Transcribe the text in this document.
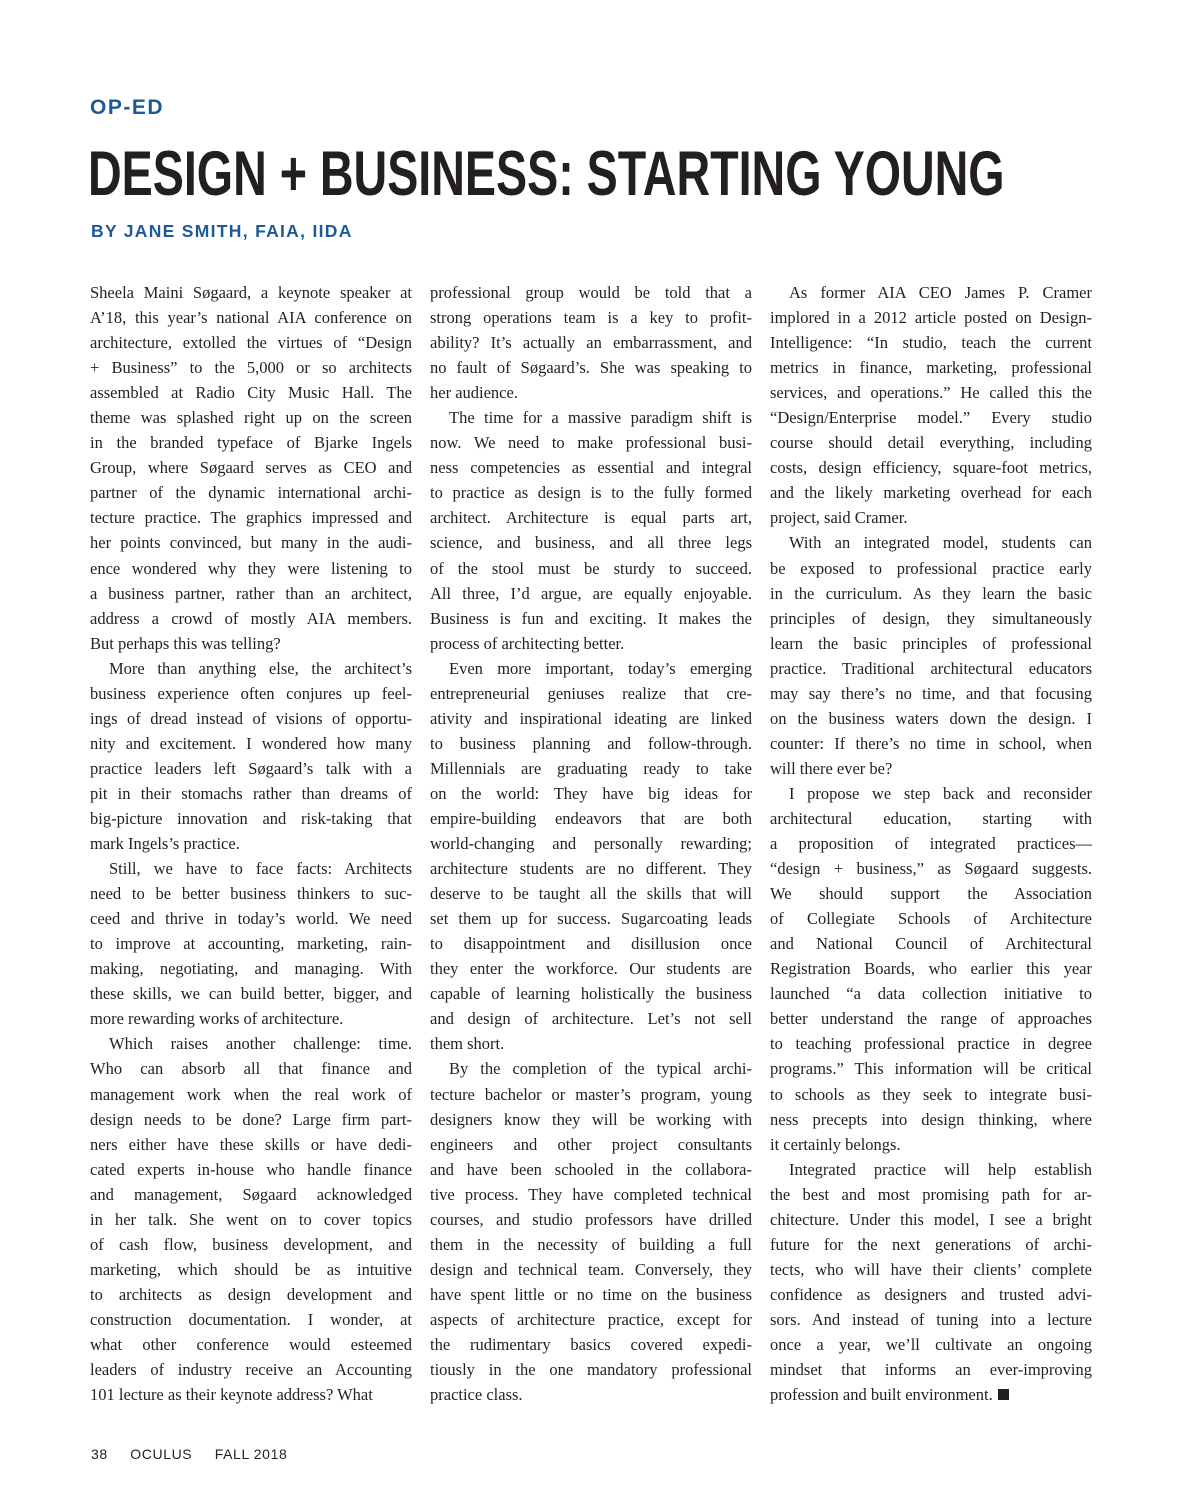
OP-ED
DESIGN + BUSINESS: STARTING YOUNG
BY JANE SMITH, FAIA, IIDA

Sheela Maini Søgaard, a keynote speaker at
A’18, this year’s national AIA conference on
architecture, extolled the virtues of “Design
+ Business” to the 5,000 or so architects
assembled at Radio City Music Hall. The
theme was splashed right up on the screen
in the branded typeface of Bjarke Ingels
Group, where Søgaard serves as CEO and
partner of the dynamic international archi-
tecture practice. The graphics impressed and
her points convinced, but many in the audi-
ence wondered why they were listening to
a business partner, rather than an architect,
address a crowd of mostly AIA members.
But perhaps this was telling?

More than anything else, the architect’s
business experience often conjures up feel-
ings of dread instead of visions of opportu-
nity and excitement. I wondered how many
practice leaders left Søgaard’s talk with a
pit in their stomachs rather than dreams of
big-picture innovation and risk-taking that
mark Ingels’s practice.

Still, we have to face facts: Architects
need to be better business thinkers to suc-
ceed and thrive in today’s world. We need
to improve at accounting, marketing, rain-
making, negotiating, and managing. With
these skills, we can build better, bigger, and
more rewarding works of architecture.

Which raises another challenge: time.
Who can absorb all that finance and
management work when the real work of
design needs to be done? Large firm part-
ners either have these skills or have dedi-
cated experts in-house who handle finance
and management, Søgaard acknowledged
in her talk. She went on to cover topics
of cash flow, business development, and
marketing, which should be as intuitive
to architects as design development and
construction documentation. I wonder, at
what other conference would esteemed
leaders of industry receive an Accounting
101 lecture as their keynote address? What

professional group would be told that a
strong operations team is a key to profit-
ability? It’s actually an embarrassment, and
no fault of Søgaard’s. She was speaking to
her audience.

The time for a massive paradigm shift is
now. We need to make professional busi-
ness competencies as essential and integral
to practice as design is to the fully formed
architect. Architecture is equal parts art,
science, and business, and all three legs
of the stool must be sturdy to succeed.
All three, I’d argue, are equally enjoyable.
Business is fun and exciting. It makes the
process of architecting better.

Even more important, today’s emerging
entrepreneurial geniuses realize that cre-
ativity and inspirational ideating are linked
to business planning and follow-through.
Millennials are graduating ready to take
on the world: They have big ideas for
empire-building endeavors that are both
world-changing and personally rewarding;
architecture students are no different. They
deserve to be taught all the skills that will
set them up for success. Sugarcoating leads
to disappointment and disillusion once
they enter the workforce. Our students are
capable of learning holistically the business
and design of architecture. Let’s not sell
them short.

By the completion of the typical archi-
tecture bachelor or master’s program, young
designers know they will be working with
engineers and other project consultants
and have been schooled in the collabora-
tive process. They have completed technical
courses, and studio professors have drilled
them in the necessity of building a full
design and technical team. Conversely, they
have spent little or no time on the business
aspects of architecture practice, except for
the rudimentary basics covered expedi-
tiously in the one mandatory professional
practice class.

As former AIA CEO James P. Cramer
implored in a 2012 article posted on Design-
Intelligence: “In studio, teach the current
metrics in finance, marketing, professional
services, and operations.” He called this the
“Design/Enterprise model.” Every studio
course should detail everything, including
costs, design efficiency, square-foot metrics,
and the likely marketing overhead for each
project, said Cramer.

With an integrated model, students can
be exposed to professional practice early
in the curriculum. As they learn the basic
principles of design, they simultaneously
learn the basic principles of professional
practice. Traditional architectural educators
may say there’s no time, and that focusing
on the business waters down the design. I
counter: If there’s no time in school, when
will there ever be?

I propose we step back and reconsider
architectural education, starting with
a proposition of integrated practices—
“design + business,” as Søgaard suggests.
We should support the Association
of Collegiate Schools of Architecture
and National Council of Architectural
Registration Boards, who earlier this year
launched “a data collection initiative to
better understand the range of approaches
to teaching professional practice in degree
programs.” This information will be critical
to schools as they seek to integrate busi-
ness precepts into design thinking, where
it certainly belongs.

Integrated practice will help establish
the best and most promising path for ar-
chitecture. Under this model, I see a bright
future for the next generations of archi-
tects, who will have their clients’ complete
confidence as designers and trusted advi-
sors. And instead of tuning into a lecture
once a year, we’ll cultivate an ongoing
mindset that informs an ever-improving
profession and built environment.

38 OCULUS FALL 2018
